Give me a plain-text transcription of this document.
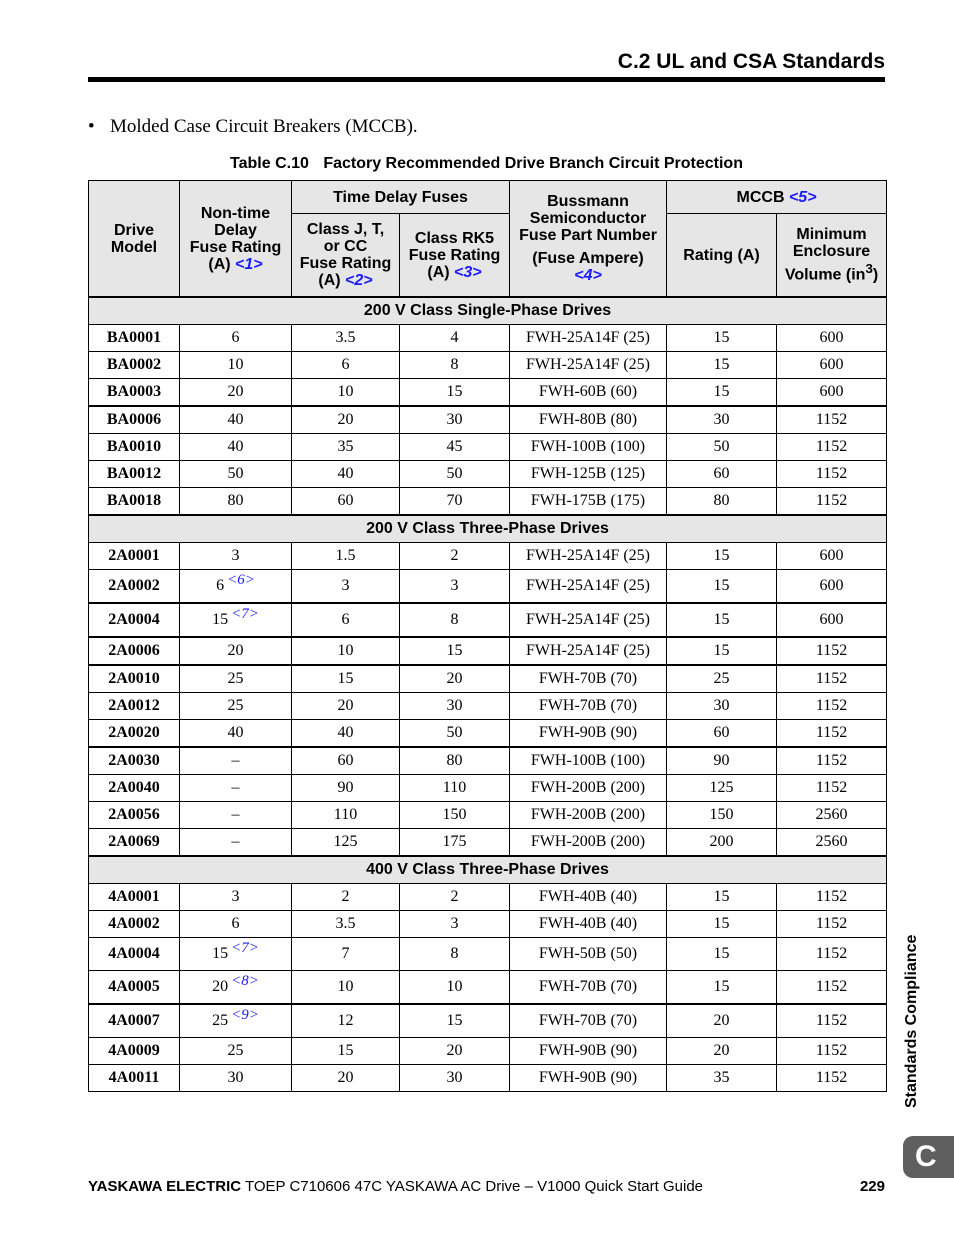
C.2 UL and CSA Standards
• Molded Case Circuit Breakers (MCCB).
Table C.10 Factory Recommended Drive Branch Circuit Protection
Drive
Model	Non-time
Delay
Fuse Rating
(A) <1>	Time Delay Fuses		Bussmann
Semiconductor
Fuse Part Number
(Fuse Ampere)
<4>	MCCB <5>	
		Class J, T,
or CC
Fuse Rating
(A) <2>	Class RK5
Fuse Rating
(A) <3>		Rating (A)	Minimum
Enclosure
Volume $(in^3)$
200 V Class Single-Phase Drives						
BA0001	6	3.5	4	FWH-25A14F (25)	15	600
BA0002	10	6	8	FWH-25A14F (25)	15	600
BA0003	20	10	15	FWH-60B (60)	15	600
BA0006	40	20	30	FWH-80B (80)	30	1152
BA0010	40	35	45	FWH-100B (100)	50	1152
BA0012	50	40	50	FWH-125B (125)	60	1152
BA0018	80	60	70	FWH-175B (175)	80	1152
200 V Class Three-Phase Drives						
2A0001	3	1.5	2	FWH-25A14F (25)	15	600
2A0002	6 <6>	3	3	FWH-25A14F (25)	15	600
2A0004	15 <7>	6	8	FWH-25A14F (25)	15	600
2A0006	20	10	15	FWH-25A14F (25)	15	1152
2A0010	25	15	20	FWH-70B (70)	25	1152
2A0012	25	20	30	FWH-70B (70)	30	1152
2A0020	40	40	50	FWH-90B (90)	60	1152
2A0030	–	60	80	FWH-100B (100)	90	1152
2A0040	–	90	110	FWH-200B (200)	125	1152
2A0056	–	110	150	FWH-200B (200)	150	2560
2A0069	–	125	175	FWH-200B (200)	200	2560
400 V Class Three-Phase Drives						
4A0001	3	2	2	FWH-40B (40)	15	1152
4A0002	6	3.5	3	FWH-40B (40)	15	1152
4A0004	15 <7>	7	8	FWH-50B (50)	15	1152
4A0005	20 <8>	10	10	FWH-70B (70)	15	1152
4A0007	25 <9>	12	15	FWH-70B (70)	20	1152
4A0009	25	15	20	FWH-90B (90)	20	1152
4A0011	30	20	30	FWH-90B (90)	35	1152	Standards Compliance
C
YASKAWA ELECTRIC TOEP C710606 47C YASKAWA AC Drive – V1000 Quick Start Guide	229
